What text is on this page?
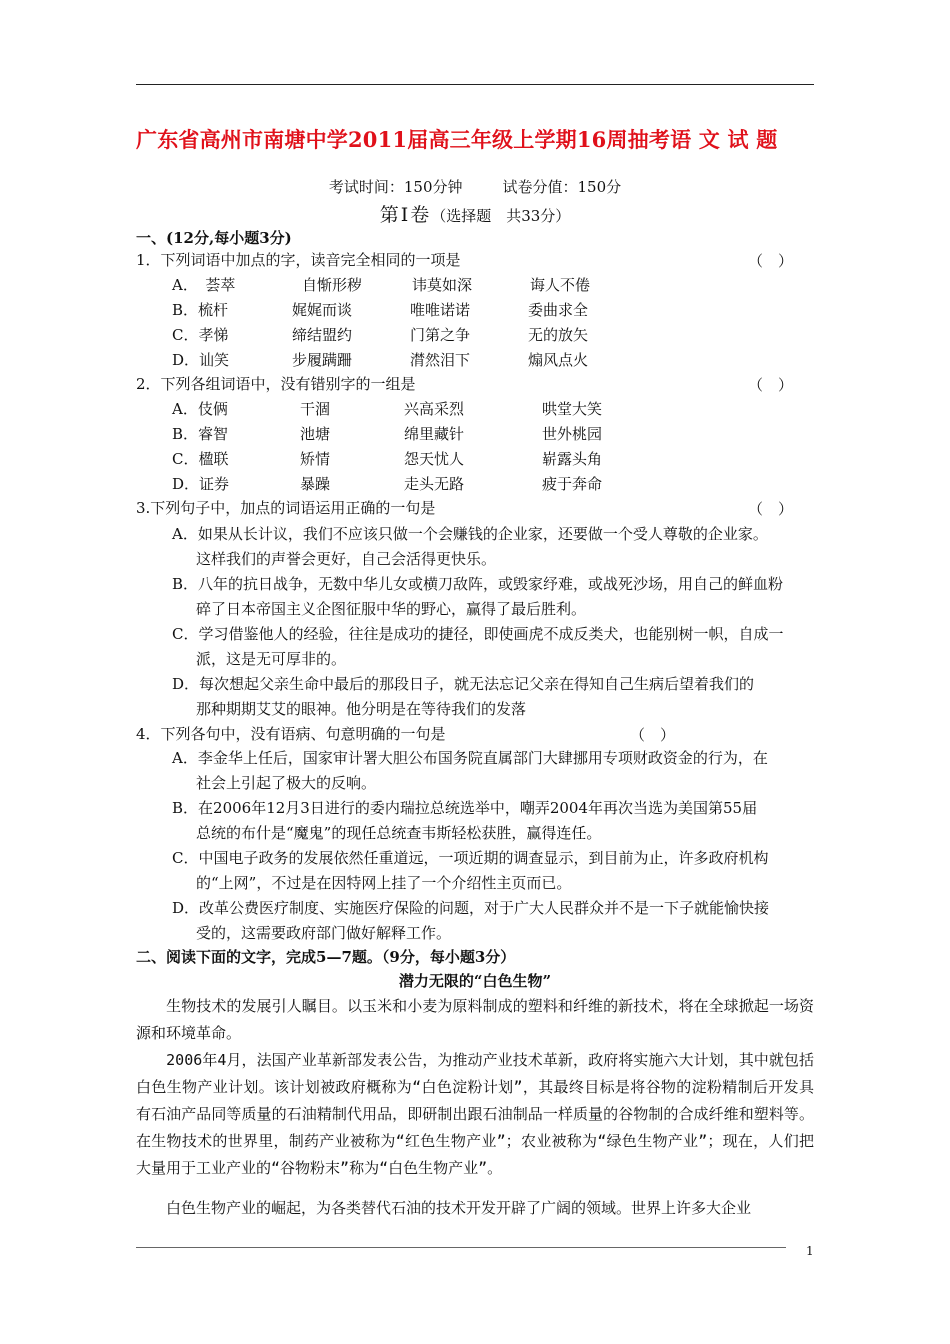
广东省高州市南塘中学2011届高三年级上学期16周抽考语 文 试 题
考试时间：150分钟	试卷分值：150分
第Ⅰ卷（选择题　共33分）
一、(12分,每小题3分)
1．下列词语中加点的字，读音完全相同的一项是	（　）
A．　荟萃	自惭形秽	讳莫如深	诲人不倦
B．梳杆	娓娓而谈	唯唯诺诺	委曲求全
C．孝悌	缔结盟约	门第之争	无的放矢
D．讪笑	步履蹒跚	潸然泪下	煽风点火
2．下列各组词语中，没有错别字的一组是	（　）
A．伎俩	干涸	兴高采烈	哄堂大笑
B．睿智	池塘	绵里藏针	世外桃园
C．楹联	矫情	怨天忧人	崭露头角
D．证券	暴躁	走头无路	疲于奔命
3.下列句子中，加点的词语运用正确的一句是	（　）
A．如果从长计议，我们不应该只做一个会赚钱的企业家，还要做一个受人尊敬的企业家。
这样我们的声誉会更好，自己会活得更快乐。
B．八年的抗日战争，无数中华儿女或横刀敌阵，或毁家纾难，或战死沙场，用自己的鲜血粉
碎了日本帝国主义企图征服中华的野心，赢得了最后胜利。
C．学习借鉴他人的经验，往往是成功的捷径，即使画虎不成反类犬，也能别树一帜，自成一
派，这是无可厚非的。
D．每次想起父亲生命中最后的那段日子，就无法忘记父亲在得知自己生病后望着我们的
那种期期艾艾的眼神。他分明是在等待我们的发落
4．下列各句中，没有语病、句意明确的一句是	（　）
A．李金华上任后，国家审计署大胆公布国务院直属部门大肆挪用专项财政资金的行为，在
社会上引起了极大的反响。
B．在2006年12月3日进行的委内瑞拉总统选举中，嘲弄2004年再次当选为美国第55届
总统的布什是“魔鬼”的现任总统查韦斯轻松获胜，赢得连任。
C．中国电子政务的发展依然任重道远，一项近期的调查显示，到目前为止，许多政府机构
的“上网”，不过是在因特网上挂了一个介绍性主页而已。
D．改革公费医疗制度、实施医疗保险的问题，对于广大人民群众并不是一下子就能愉快接
受的，这需要政府部门做好解释工作。
二、阅读下面的文字，完成5—7题。（9分，每小题3分）
潜力无限的“白色生物”
　　生物技术的发展引人瞩目。以玉米和小麦为原料制成的塑料和纤维的新技术，将在全球掀起一场资源和环境革命。
　　2006年4月，法国产业革新部发表公告，为推动产业技术革新，政府将实施六大计划，其中就包括白色生物产业计划。该计划被政府概称为“白色淀粉计划”，其最终目标是将谷物的淀粉精制后开发具有石油产品同等质量的石油精制代用品，即研制出跟石油制品一样质量的谷物制的合成纤维和塑料等。在生物技术的世界里，制药产业被称为“红色生物产业”；农业被称为“绿色生物产业”；现在，人们把大量用于工业产业的“谷物粉末”称为“白色生物产业”。
　　白色生物产业的崛起，为各类替代石油的技术开发开辟了广阔的领域。世界上许多大企业
1
